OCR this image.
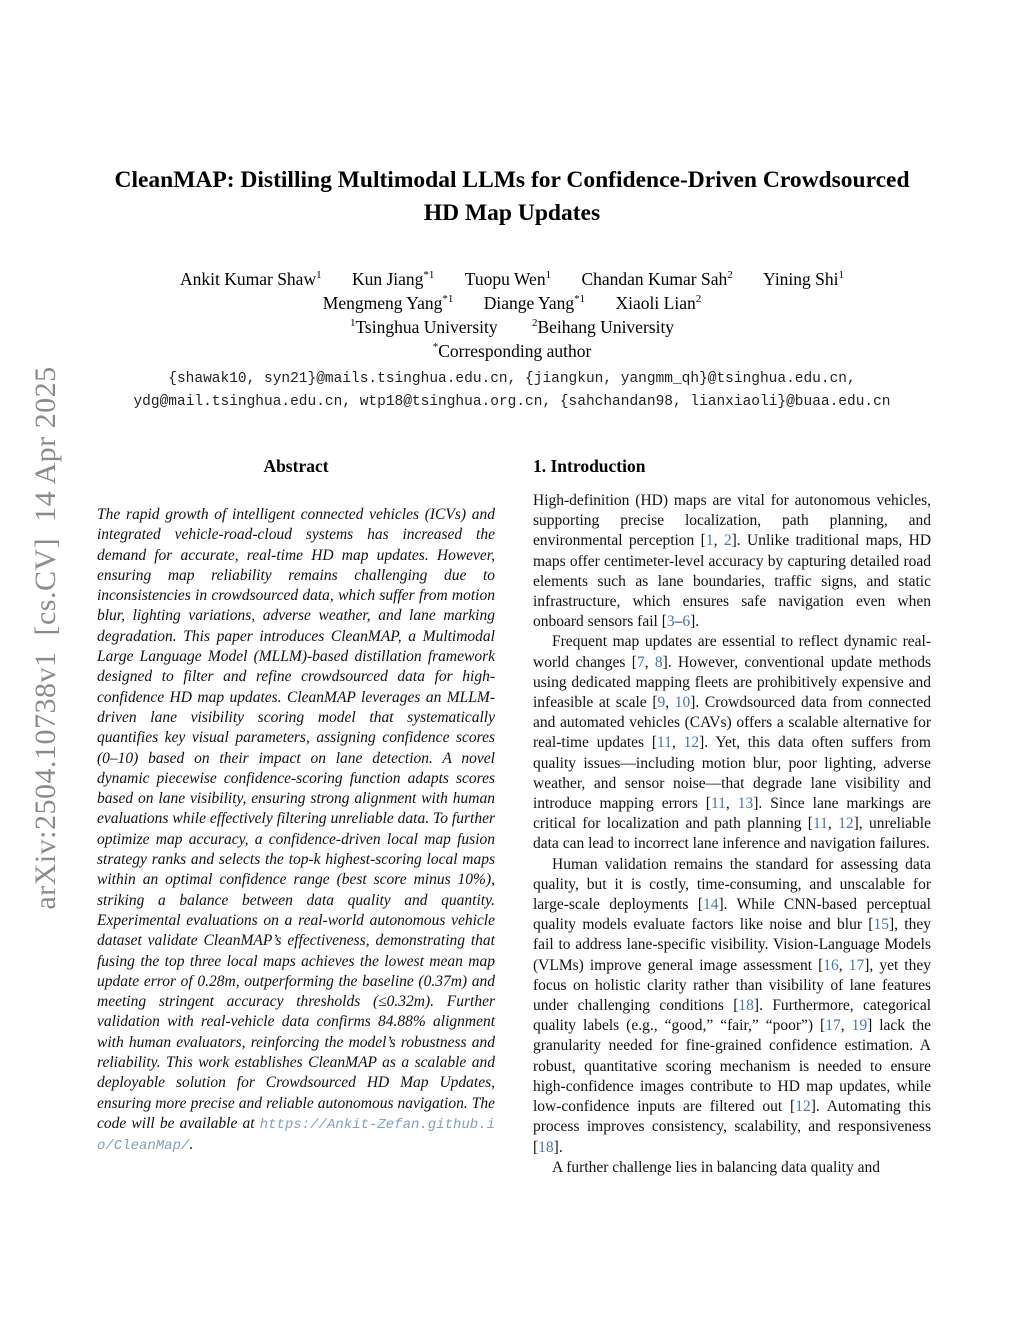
arXiv:2504.10738v1  [cs.CV]  14 Apr 2025
CleanMAP: Distilling Multimodal LLMs for Confidence-Driven Crowdsourced
HD Map Updates
Ankit Kumar Shaw$^1$ Kun Jiang$^{*1}$ Tuopu Wen$^1$ Chandan Kumar Sah$^2$ Yining Shi$^1$
Mengmeng Yang$^{*1}$ Diange Yang$^{*1}$ Xiaoli Lian$^2$
$^1$Tsinghua University	$^2$Beihang University
*Corresponding author
{shawak10, syn21}@mails.tsinghua.edu.cn, {jiangkun, yangmm_qh}@tsinghua.edu.cn,
ydg@mail.tsinghua.edu.cn, wtp18@tsinghua.org.cn, {sahchandan98, lianxiaoli}@buaa.edu.cn
Abstract

The rapid growth of intelligent connected vehicles (ICVs) and integrated vehicle-road-cloud systems has increased the demand for accurate, real-time HD map updates. However, ensuring map reliability remains challenging due to inconsistencies in crowdsourced data, which suffer from motion blur, lighting variations, adverse weather, and lane marking degradation. This paper introduces CleanMAP, a Multimodal Large Language Model (MLLM)-based distillation framework designed to filter and refine crowdsourced data for high-confidence HD map updates. CleanMAP leverages an MLLM-driven lane visibility scoring model that systematically quantifies key visual parameters, assigning confidence scores (0–10) based on their impact on lane detection. A novel dynamic piecewise confidence-scoring function adapts scores based on lane visibility, ensuring strong alignment with human evaluations while effectively filtering unreliable data. To further optimize map accuracy, a confidence-driven local map fusion strategy ranks and selects the top-k highest-scoring local maps within an optimal confidence range (best score minus 10%), striking a balance between data quality and quantity. Experimental evaluations on a real-world autonomous vehicle dataset validate CleanMAP’s effectiveness, demonstrating that fusing the top three local maps achieves the lowest mean map update error of 0.28m, outperforming the baseline (0.37m) and meeting stringent accuracy thresholds (≤0.32m). Further validation with real-vehicle data confirms 84.88% alignment with human evaluators, reinforcing the model’s robustness and reliability. This work establishes CleanMAP as a scalable and deployable solution for Crowdsourced HD Map Updates, ensuring more precise and reliable autonomous navigation. The code will be available at https://Ankit-Zefan.github.io/CleanMap/.

1. Introduction

High-definition (HD) maps are vital for autonomous vehicles, supporting precise localization, path planning, and environmental perception [1, 2]. Unlike traditional maps, HD maps offer centimeter-level accuracy by capturing detailed road elements such as lane boundaries, traffic signs, and static infrastructure, which ensures safe navigation even when onboard sensors fail [3–6].

Frequent map updates are essential to reflect dynamic real-world changes [7, 8]. However, conventional update methods using dedicated mapping fleets are prohibitively expensive and infeasible at scale [9, 10]. Crowdsourced data from connected and automated vehicles (CAVs) offers a scalable alternative for real-time updates [11, 12]. Yet, this data often suffers from quality issues—including motion blur, poor lighting, adverse weather, and sensor noise—that degrade lane visibility and introduce mapping errors [11, 13]. Since lane markings are critical for localization and path planning [11, 12], unreliable data can lead to incorrect lane inference and navigation failures.

Human validation remains the standard for assessing data quality, but it is costly, time-consuming, and unscalable for large-scale deployments [14]. While CNN-based perceptual quality models evaluate factors like noise and blur [15], they fail to address lane-specific visibility. Vision-Language Models (VLMs) improve general image assessment [16, 17], yet they focus on holistic clarity rather than visibility of lane features under challenging conditions [18]. Furthermore, categorical quality labels (e.g., “good,” “fair,” “poor”) [17, 19] lack the granularity needed for fine-grained confidence estimation. A robust, quantitative scoring mechanism is needed to ensure high-confidence images contribute to HD map updates, while low-confidence inputs are filtered out [12]. Automating this process improves consistency, scalability, and responsiveness [18].

A further challenge lies in balancing data quality and
